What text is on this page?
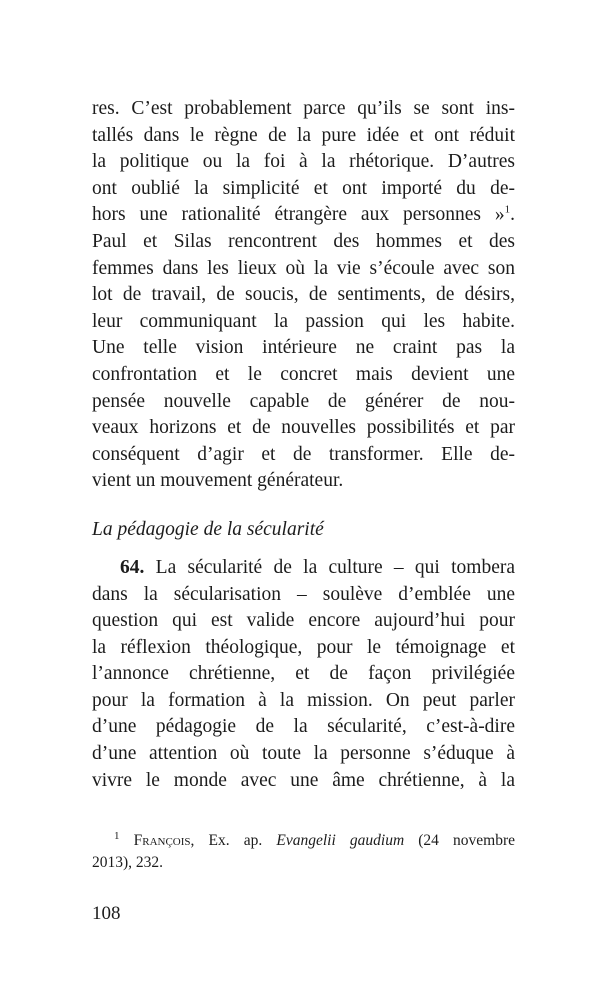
res. C’est probablement parce qu’ils se sont ins-
tallés dans le règne de la pure idée et ont réduit
la politique ou la foi à la rhétorique. D’autres
ont oublié la simplicité et ont importé du de-
hors une rationalité étrangère aux personnes »$^1$.
Paul et Silas rencontrent des hommes et des
femmes dans les lieux où la vie s’écoule avec son
lot de travail, de soucis, de sentiments, de désirs,
leur communiquant la passion qui les habite.
Une telle vision intérieure ne craint pas la
confrontation et le concret mais devient une
pensée nouvelle capable de générer de nou-
veaux horizons et de nouvelles possibilités et par
conséquent d’agir et de transformer. Elle de-
vient un mouvement générateur.
La pédagogie de la sécularité
64. La sécularité de la culture – qui tombera
dans la sécularisation – soulève d’emblée une
question qui est valide encore aujourd’hui pour
la réflexion théologique, pour le témoignage et
l’annonce chrétienne, et de façon privilégiée
pour la formation à la mission. On peut parler
d’une pédagogie de la sécularité, c’est-à-dire
d’une attention où toute la personne s’éduque à
vivre le monde avec une âme chrétienne, à la
$^1$ François, Ex. ap. Evangelii gaudium (24 novembre
2013), 232.
108
